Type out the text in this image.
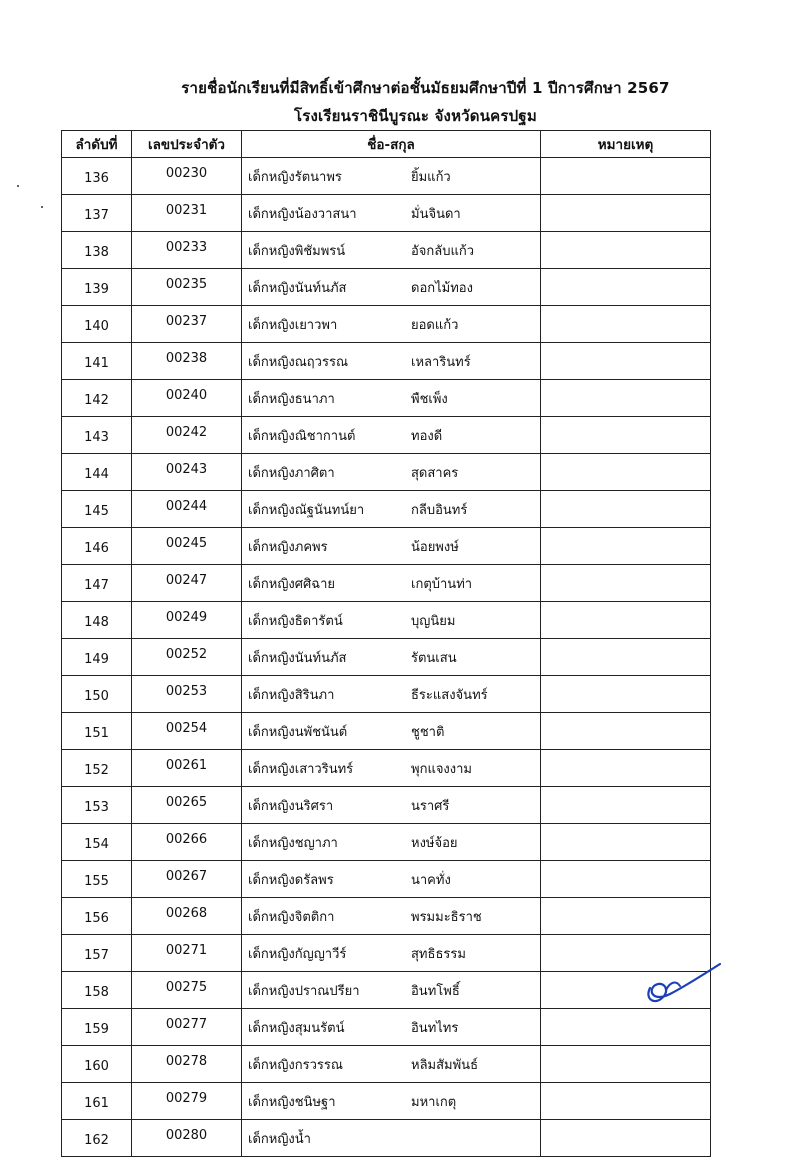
รายชื่อนักเรียนที่มีสิทธิ์เข้าศึกษาต่อชั้นมัธยมศึกษาปีที่ 1 ปีการศึกษา 2567
โรงเรียนราชินีบูรณะ จังหวัดนครปฐม
ลำดับที่	เลขประจำตัว	ชื่อ-สกุล	หมายเหตุ
136	00230	เด็กหญิงรัตนาพร ยิ้มแก้ว	
137	00231	เด็กหญิงน้องวาสนา มั่นจินดา	
138	00233	เด็กหญิงพิชัมพรน์ อัจกลับแก้ว	
139	00235	เด็กหญิงนันท์นภัส ดอกไม้ทอง	
140	00237	เด็กหญิงเยาวพา ยอดแก้ว	
141	00238	เด็กหญิงณฤวรรณ เหลารินทร์	
142	00240	เด็กหญิงธนาภา พืชเพ็ง	
143	00242	เด็กหญิงณิชากานต์ ทองดี	
144	00243	เด็กหญิงภาศิตา สุดสาคร	
145	00244	เด็กหญิงณัฐนันทน์ยา กลีบอินทร์	
146	00245	เด็กหญิงภคพร น้อยพงษ์	
147	00247	เด็กหญิงศศิฉาย เกตุบ้านท่า	
148	00249	เด็กหญิงธิดารัตน์ บุญนิยม	
149	00252	เด็กหญิงนันท์นภัส รัตนเสน	
150	00253	เด็กหญิงสิรินภา ธีระแสงจันทร์	
151	00254	เด็กหญิงนพัชนันต์ ชูชาติ	
152	00261	เด็กหญิงเสาวรินทร์ พุกแจงงาม	
153	00265	เด็กหญิงนริศรา นราศรี	
154	00266	เด็กหญิงชญาภา หงษ์จ้อย	
155	00267	เด็กหญิงดรัลพร นาคทั่ง	
156	00268	เด็กหญิงจิตติกา พรมมะธิราช	
157	00271	เด็กหญิงกัญญาวีร์ สุทธิธรรม	
158	00275	เด็กหญิงปราณปรียา อินทโพธิ์	
159	00277	เด็กหญิงสุมนรัตน์ อินทไทร	
160	00278	เด็กหญิงกรวรรณ หลิมสัมพันธ์	
161	00279	เด็กหญิงชนิษฐา มหาเกตุ	
162	00280	เด็กหญิงน้ำ	
